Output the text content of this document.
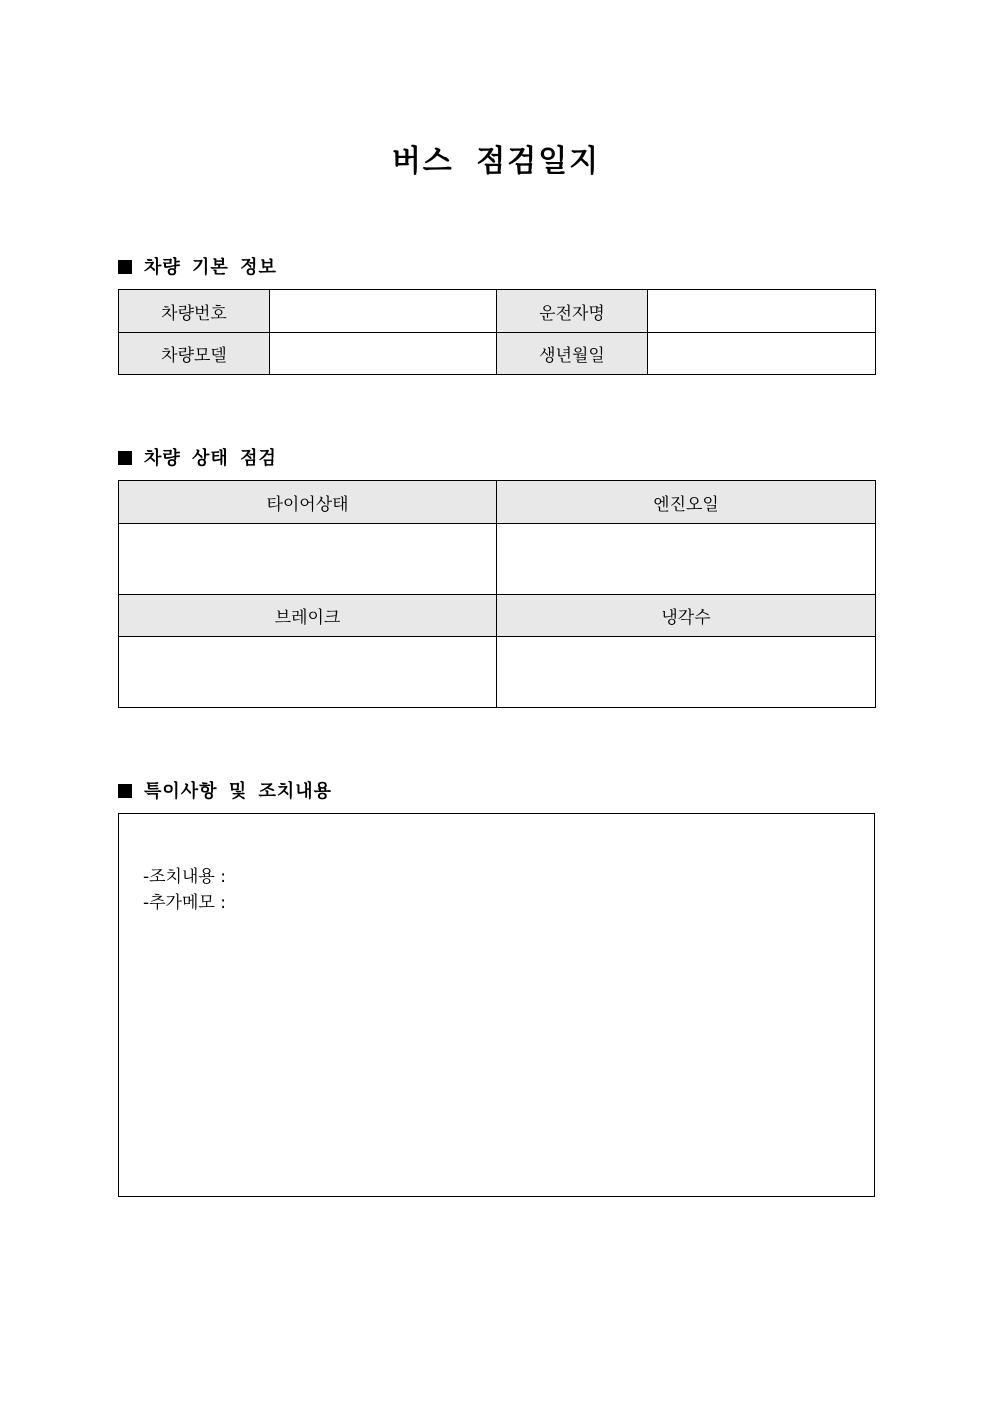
버스 점검일지
차량 기본 정보
차량번호		운전자명	
차량모델		생년월일	
차량 상태 점검
타이어상태	엔진오일

브레이크	냉각수

특이사항 및 조치내용
-조치내용 :
-추가메모 :
